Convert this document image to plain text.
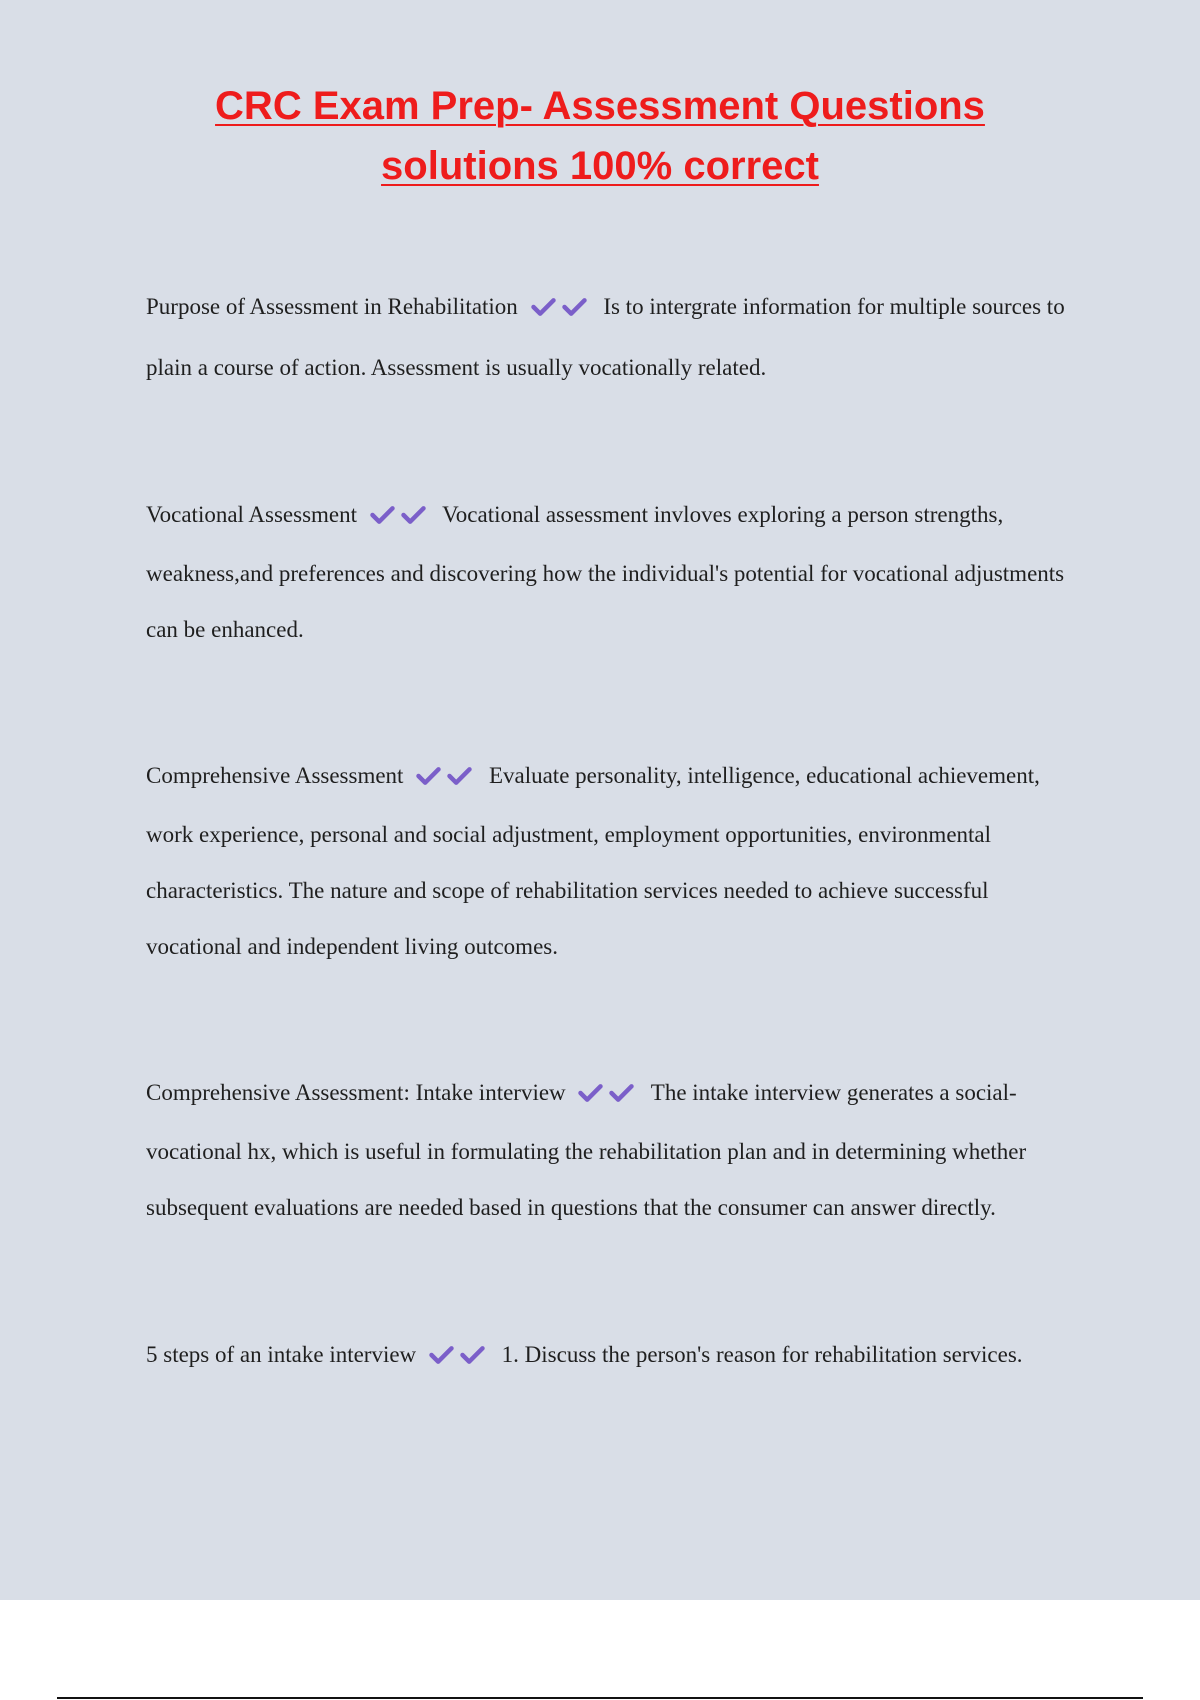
CRC Exam Prep- Assessment Questions
solutions 100% correct

Purpose of Assessment in Rehabilitation	Is to intergrate information for multiple sources to plain a course of action. Assessment is usually vocationally related.

Vocational Assessment	Vocational assessment invloves exploring a person strengths, weakness,and preferences and discovering how the individual's potential for vocational adjustments can be enhanced.

Comprehensive Assessment	Evaluate personality, intelligence, educational achievement, work experience, personal and social adjustment, employment opportunities, environmental characteristics. The nature and scope of rehabilitation services needed to achieve successful vocational and independent living outcomes.

Comprehensive Assessment: Intake interview	The intake interview generates a social-vocational hx, which is useful in formulating the rehabilitation plan and in determining whether subsequent evaluations are needed based in questions that the consumer can answer directly.

5 steps of an intake interview	1. Discuss the person's reason for rehabilitation services.
